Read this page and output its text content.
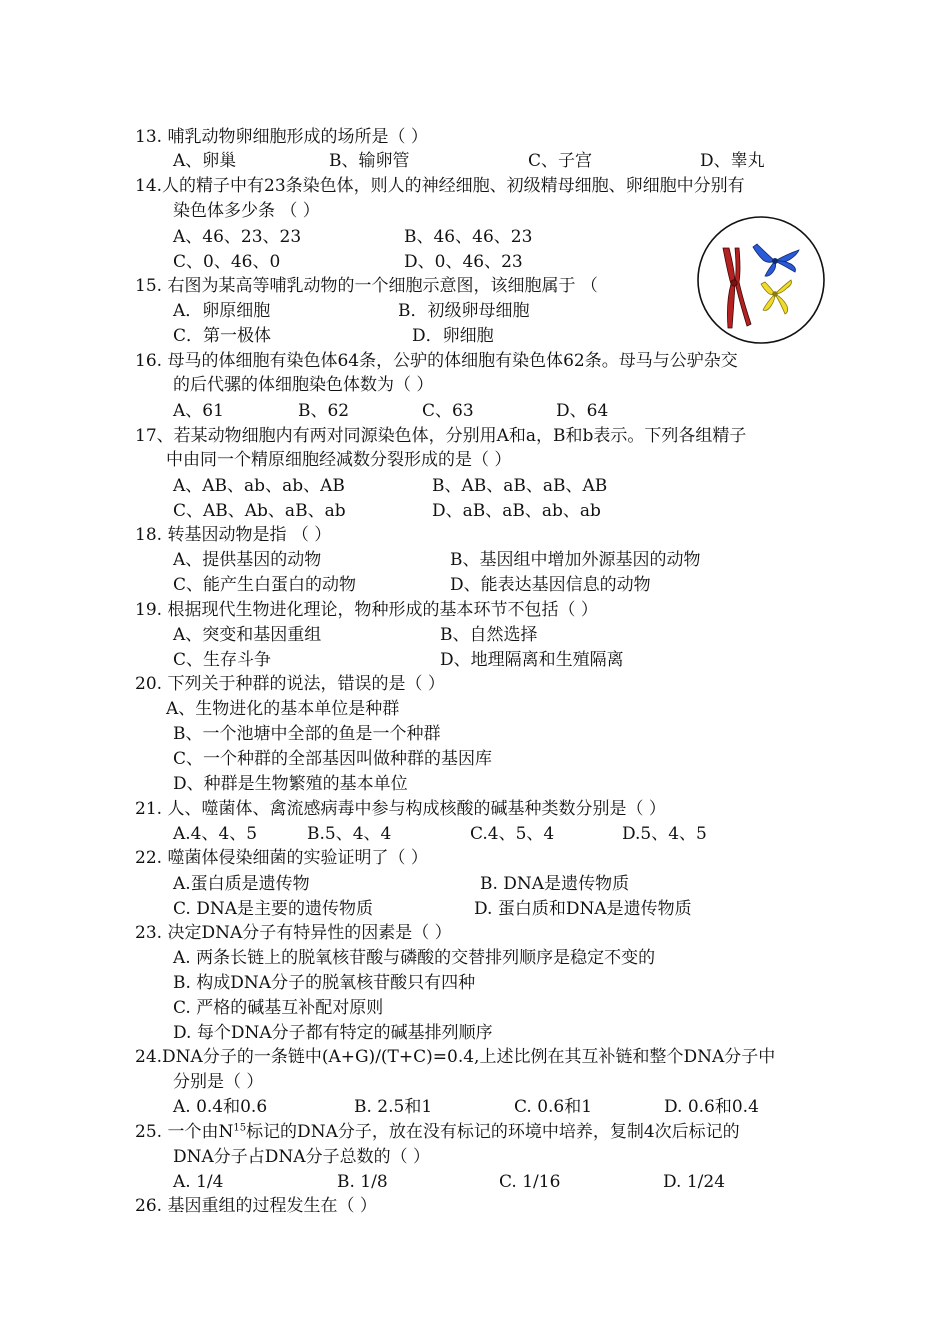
13. 哺乳动物卵细胞形成的场所是（ ）
A、卵巢	B、输卵管	C、子宫	D、睾丸
14.人的精子中有23条染色体，则人的神经细胞、初级精母细胞、卵细胞中分别有
染色体多少条 （ ）
A、46、23、23	B、46、46、23
C、0、46、0	D、0、46、23
15. 右图为某高等哺乳动物的一个细胞示意图，该细胞属于 （
A．卵原细胞	B．初级卵母细胞
C．第一极体	D．卵细胞
16. 母马的体细胞有染色体64条，公驴的体细胞有染色体62条。母马与公驴杂交
的后代骡的体细胞染色体数为（ ）
A、61	B、62	C、63	D、64
17、若某动物细胞内有两对同源染色体，分别用A和a，B和b表示。下列各组精子
中由同一个精原细胞经减数分裂形成的是（ ）
A、AB、ab、ab、AB	B、AB、aB、aB、AB
C、AB、Ab、aB、ab	D、aB、aB、ab、ab
18. 转基因动物是指 （ ）
A、提供基因的动物	B、基因组中增加外源基因的动物
C、能产生白蛋白的动物	D、能表达基因信息的动物
19. 根据现代生物进化理论，物种形成的基本环节不包括（ ）
A、突变和基因重组	B、自然选择
C、生存斗争	D、地理隔离和生殖隔离
20. 下列关于种群的说法，错误的是（ ）
A、生物进化的基本单位是种群
B、一个池塘中全部的鱼是一个种群
C、一个种群的全部基因叫做种群的基因库
D、种群是生物繁殖的基本单位
21. 人、噬菌体、禽流感病毒中参与构成核酸的碱基种类数分别是（ ）
A.4、4、5	B.5、4、4	C.4、5、4	D.5、4、5
22. 噬菌体侵染细菌的实验证明了（ ）
A.蛋白质是遗传物	B. DNA是遗传物质
C. DNA是主要的遗传物质	D. 蛋白质和DNA是遗传物质
23. 决定DNA分子有特异性的因素是（ ）
A. 两条长链上的脱氧核苷酸与磷酸的交替排列顺序是稳定不变的
B. 构成DNA分子的脱氧核苷酸只有四种
C. 严格的碱基互补配对原则
D. 每个DNA分子都有特定的碱基排列顺序
24.DNA分子的一条链中(A+G)/(T+C)=0.4,上述比例在其互补链和整个DNA分子中
分别是（ ）
A. 0.4和0.6	B. 2.5和1	C. 0.6和1	D. 0.6和0.4
25. 一个由$N^{15}$标记的DNA分子，放在没有标记的环境中培养，复制4次后标记的
DNA分子占DNA分子总数的（ ）
A. 1/4	B. 1/8	C. 1/16	D. 1/24
26. 基因重组的过程发生在（ ）
